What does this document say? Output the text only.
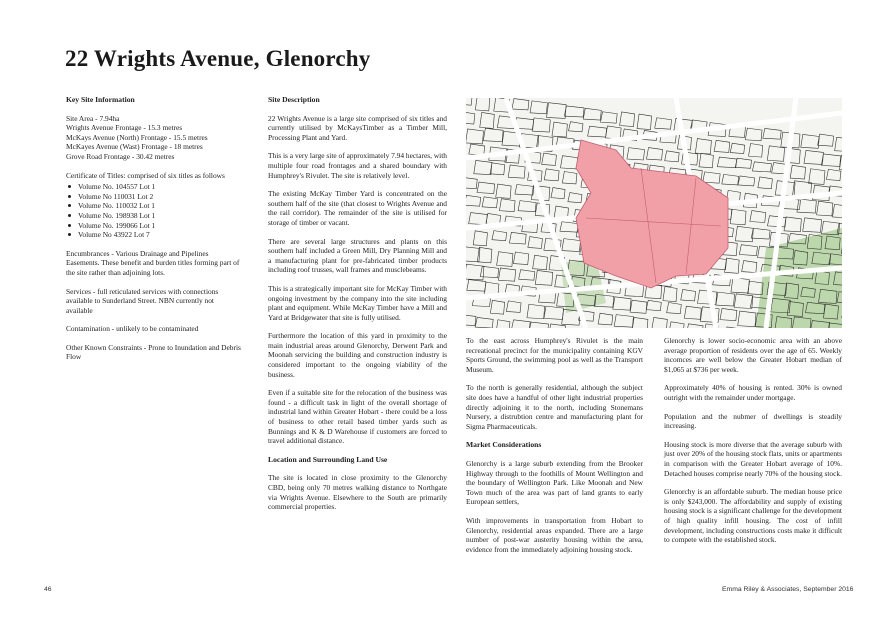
22 Wrights Avenue, Glenorchy
Key Site Information

Site Area - 7.94ha
Wrights Avenue Frontage - 15.3 metres
McKays Avenue (North) Frontage - 15.5 metres
McKayes Avenue (Wast) Frontage - 18 metres
Grove Road Frontage - 30.42 metres

Certificate of Titles: comprised of six titles as follows

Volume No. 104557 Lot 1
Volume No 110031 Lot 2
Volume No. 110032 Lot 1
Volume No. 198938 Lot 1
Volume No. 199066 Lot 1
Volume No 43922 Lot 7

Encumbrances - Various Drainage and Pipelines Easements. These benefit and burden titles forming part of the site rather than adjoining lots.

Services - full reticulated services with connections available to Sunderland Street. NBN currently not available

Contamination - unlikely to be contaminated

Other Known Constraints - Prone to Inundation and Debris Flow

Site Description

22 Wrights Avenue is a large site comprised of six titles and currently utilised by McKaysTimber as a Timber Mill, Processing Plant and Yard.

This is a very large site of approximately 7.94 hectares, with multiple four road frontages and a shared boundary with Humphrey's Rivulet. The site is relatively level.

The existing McKay Timber Yard is concentrated on the southern half of the site (that closest to Wrights Avenue and the rail corridor). The remainder of the site is utilised for storage of timber or vacant.

There are several large structures and plants on this southern half included a Green Mill, Dry Planning Mill and a manufacturing plant for pre-fabricated timber products including roof trusses, wall frames and musclebeams.

This is a strategically important site for McKay Timber with ongoing investment by the company into the site including plant and equipment. While McKay Timber have a Mill and Yard at Bridgewater that site is fully utilised.

Furthermore the location of this yard in proximity to the main industrial areas around Glenorchy, Derwent Park and Moonah servicing the building and construction industry is considered important to the ongoing viability of the business.

Even if a suitable site for the relocation of the business was found - a difficult task in light of the overall shortage of industrial land within Greater Hobart - there could be a loss of business to other retail based timber yards such as Bunnings and K & D Warehouse if customers are forced to travel additional distance.

Location and Surrounding Land Use

The site is located in close proximity to the Glenorchy CBD, being only 70 metres walking distance to Northgate via Wrights Avenue. Elsewhere to the South are primarily commercial properties.

To the east across Humphrey's Rivulet is the main recreational precinct for the municipality containing KGV Sports Ground, the swimming pool as well as the Transport Museum.

To the north is generally residential, although the subject site does have a handful of other light industrial properties directly adjoining it to the north, including Stonemans Nursery, a distrubtion centre and manufacturing plant for Sigma Pharmaceuticals.

Market Considerations

Glenorchy is a large suburb extending from the Brooker Highway through to the foothills of Mount Wellington and the boundary of Wellington Park. Like Moonah and New Town much of the area was part of land grants to early European settlers,

With improvements in transportation from Hobart to Glenorchy, residential areas expanded. There are a large number of post-war austerity housing within the area, evidence from the immediately adjoining housing stock.

Glenorchy is lower socio-economic area with an above average proportion of residents over the age of 65. Weekly incomces are well below the Greater Hobart median of $1,065 at $736 per week.

Approximately 40% of housing is rented. 30% is owned outright with the remainder under mortgage.

Population and the nubmer of dwellings is steadily increasing.

Housing stock is more diverse that the average suburb with just over 20% of the housing stock flats, units or apartments in comparison with the Greater Hobart average of 10%. Detached houses comprise nearly 70% of the housing stock.

Glenorchy is an affordable suburb. The median house price is only $243,000. The affordability and supply of existing housing stock is a significant challenge for the development of high quality infill housing. The cost of infill development, including constructions costs make it difficult to compete with the established stock.

46	Emma Riley & Associates, September 2016
